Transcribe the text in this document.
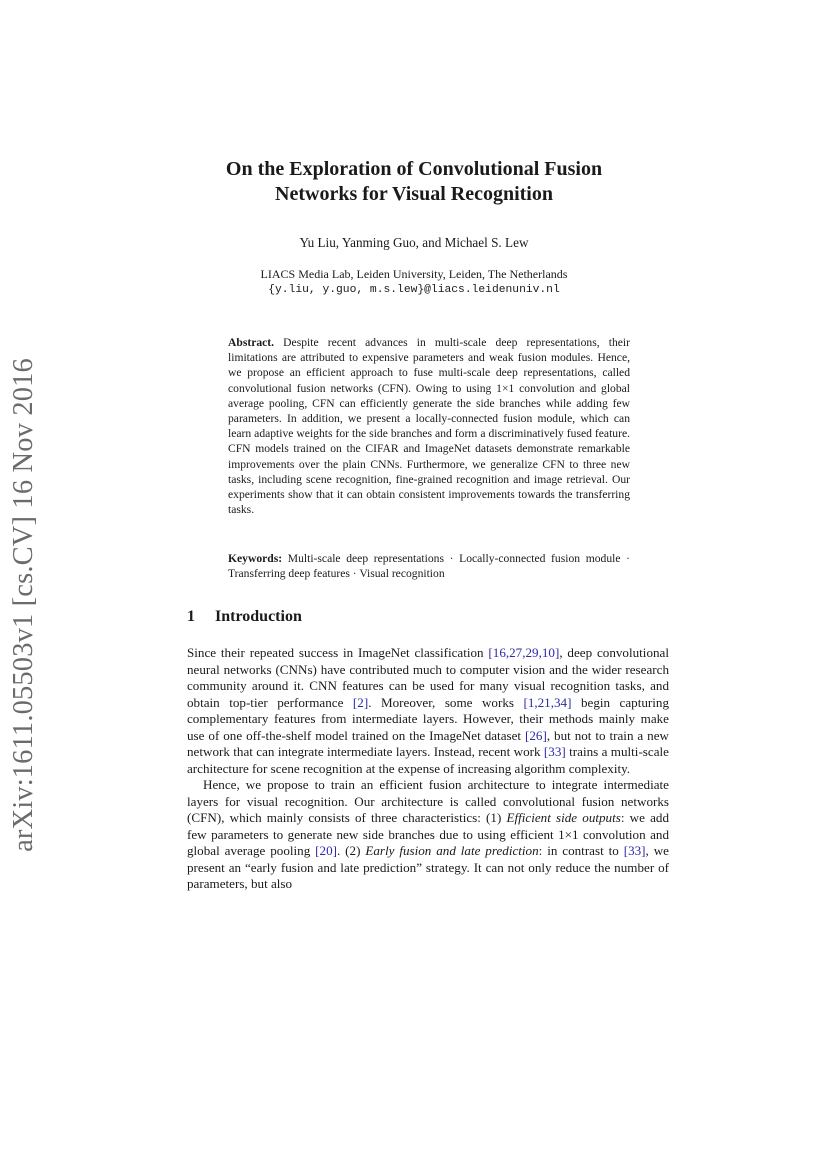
arXiv:1611.05503v1 [cs.CV] 16 Nov 2016
On the Exploration of Convolutional Fusion
Networks for Visual Recognition
Yu Liu, Yanming Guo, and Michael S. Lew
LIACS Media Lab, Leiden University, Leiden, The Netherlands
{y.liu, y.guo, m.s.lew}@liacs.leidenuniv.nl
Abstract. Despite recent advances in multi-scale deep representations, their limitations are attributed to expensive parameters and weak fusion modules. Hence, we propose an efficient approach to fuse multi-scale deep representations, called convolutional fusion networks (CFN). Owing to using 1×1 convolution and global average pooling, CFN can efficiently generate the side branches while adding few parameters. In addition, we present a locally-connected fusion module, which can learn adaptive weights for the side branches and form a discriminatively fused feature. CFN models trained on the CIFAR and ImageNet datasets demonstrate remarkable improvements over the plain CNNs. Furthermore, we generalize CFN to three new tasks, including scene recognition, fine-grained recognition and image retrieval. Our experiments show that it can obtain consistent improvements towards the transferring tasks.
Keywords: Multi-scale deep representations · Locally-connected fusion module · Transferring deep features · Visual recognition
1 Introduction

Since their repeated success in ImageNet classification [16,27,29,10], deep convolutional neural networks (CNNs) have contributed much to computer vision and the wider research community around it. CNN features can be used for many visual recognition tasks, and obtain top-tier performance [2]. Moreover, some works [1,21,34] begin capturing complementary features from intermediate layers. However, their methods mainly make use of one off-the-shelf model trained on the ImageNet dataset [26], but not to train a new network that can integrate intermediate layers. Instead, recent work [33] trains a multi-scale architecture for scene recognition at the expense of increasing algorithm complexity.

Hence, we propose to train an efficient fusion architecture to integrate intermediate layers for visual recognition. Our architecture is called convolutional fusion networks (CFN), which mainly consists of three characteristics: (1) Efficient side outputs: we add few parameters to generate new side branches due to using efficient 1×1 convolution and global average pooling [20]. (2) Early fusion and late prediction: in contrast to [33], we present an “early fusion and late prediction” strategy. It can not only reduce the number of parameters, but also
